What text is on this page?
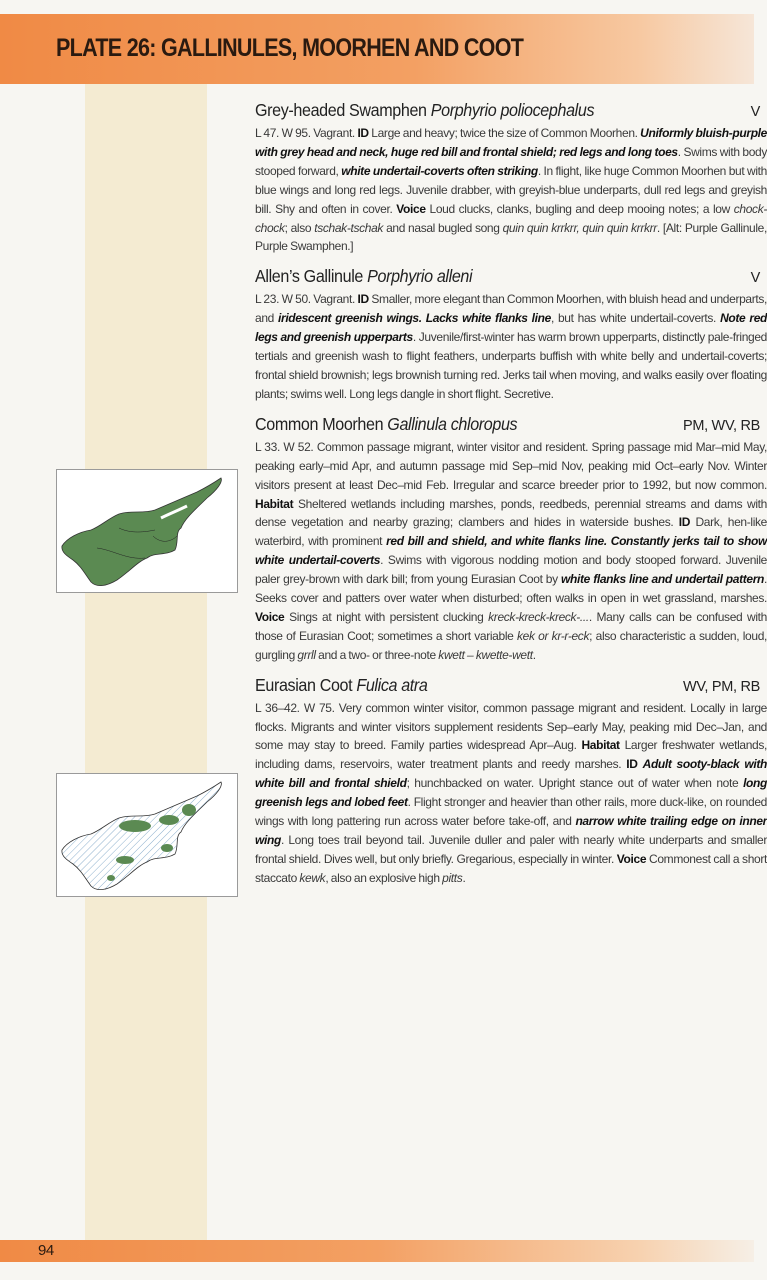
PLATE 26: GALLINULES, MOORHEN AND COOT
Grey-headed Swamphen Porphyrio poliocephalus	V

L 47. W 95. Vagrant. ID Large and heavy; twice the size of Common Moorhen. Uniformly bluish-purple with grey head and neck, huge red bill and frontal shield; red legs and long toes. Swims with body stooped forward, white undertail-coverts often striking. In flight, like huge Common Moorhen but with blue wings and long red legs. Juvenile drabber, with greyish-blue underparts, dull red legs and greyish bill. Shy and often in cover. Voice Loud clucks, clanks, bugling and deep mooing notes; a low chock-chock; also tschak-tschak and nasal bugled song quin quin krrkrr, quin quin krrkrr. [Alt: Purple Gallinule, Purple Swamphen.]

Allen’s Gallinule Porphyrio alleni	V

L 23. W 50. Vagrant. ID Smaller, more elegant than Common Moorhen, with bluish head and underparts, and iridescent greenish wings. Lacks white flanks line, but has white undertail-coverts. Note red legs and greenish upperparts. Juvenile/first-winter has warm brown upperparts, distinctly pale-fringed tertials and greenish wash to flight feathers, underparts buffish with white belly and undertail-coverts; frontal shield brownish; legs brownish turning red. Jerks tail when moving, and walks easily over floating plants; swims well. Long legs dangle in short flight. Secretive.

Common Moorhen Gallinula chloropus	PM, WV, RB

L 33. W 52. Common passage migrant, winter visitor and resident. Spring passage mid Mar–mid May, peaking early–mid Apr, and autumn passage mid Sep–mid Nov, peaking mid Oct–early Nov. Winter visitors present at least Dec–mid Feb. Irregular and scarce breeder prior to 1992, but now common. Habitat Sheltered wetlands including marshes, ponds, reedbeds, perennial streams and dams with dense vegetation and nearby grazing; clambers and hides in waterside bushes. ID Dark, hen-like waterbird, with prominent red bill and shield, and white flanks line. Constantly jerks tail to show white undertail-coverts. Swims with vigorous nodding motion and body stooped forward. Juvenile paler grey-brown with dark bill; from young Eurasian Coot by white flanks line and undertail pattern. Seeks cover and patters over water when disturbed; often walks in open in wet grassland, marshes. Voice Sings at night with persistent clucking kreck-kreck-kreck-.... Many calls can be confused with those of Eurasian Coot; sometimes a short variable kek or kr-r-eck; also characteristic a sudden, loud, gurgling grrll and a two- or three-note kwett – kwette-wett.

Eurasian Coot Fulica atra	WV, PM, RB

L 36–42. W 75. Very common winter visitor, common passage migrant and resident. Locally in large flocks. Migrants and winter visitors supplement residents Sep–early May, peaking mid Dec–Jan, and some may stay to breed. Family parties widespread Apr–Aug. Habitat Larger freshwater wetlands, including dams, reservoirs, water treatment plants and reedy marshes. ID Adult sooty-black with white bill and frontal shield; hunchbacked on water. Upright stance out of water when note long greenish legs and lobed feet. Flight stronger and heavier than other rails, more duck-like, on rounded wings with long pattering run across water before take-off, and narrow white trailing edge on inner wing. Long toes trail beyond tail. Juvenile duller and paler with nearly white underparts and smaller frontal shield. Dives well, but only briefly. Gregarious, especially in winter. Voice Commonest call a short staccato kewk, also an explosive high pitts.

94
